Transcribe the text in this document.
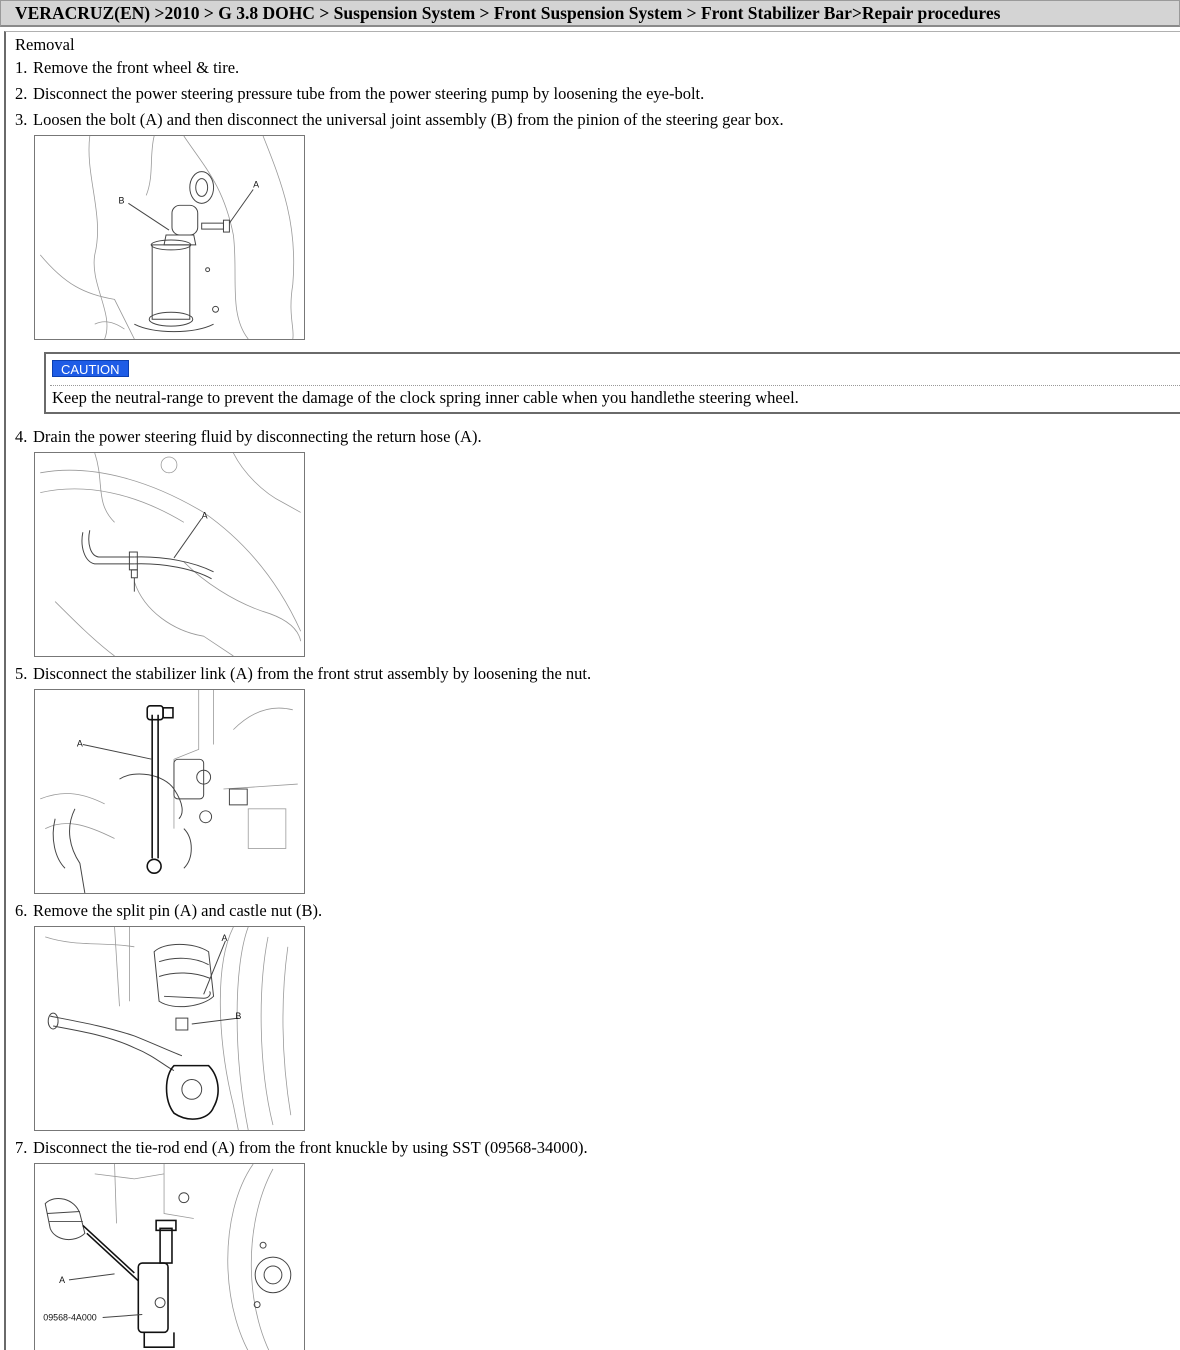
VERACRUZ(EN) >2010 > G 3.8 DOHC > Suspension System > Front Suspension System > Front Stabilizer Bar>Repair procedures
Removal
1. Remove the front wheel & tire.
2. Disconnect the power steering pressure tube from the power steering pump by loosening the eye-bolt.
3. Loosen the bolt (A) and then disconnect the universal joint assembly (B) from the pinion of the steering gear box.
B
A
CAUTION
Keep the neutral-range to prevent the damage of the clock spring inner cable when you handlethe steering wheel.
4. Drain the power steering fluid by disconnecting the return hose (A).
A
5. Disconnect the stabilizer link (A) from the front strut assembly by loosening the nut.
A
6. Remove the split pin (A) and castle nut (B).
A
B
7. Disconnect the tie-rod end (A) from the front knuckle by using SST (09568-34000).
A
09568-4A000
